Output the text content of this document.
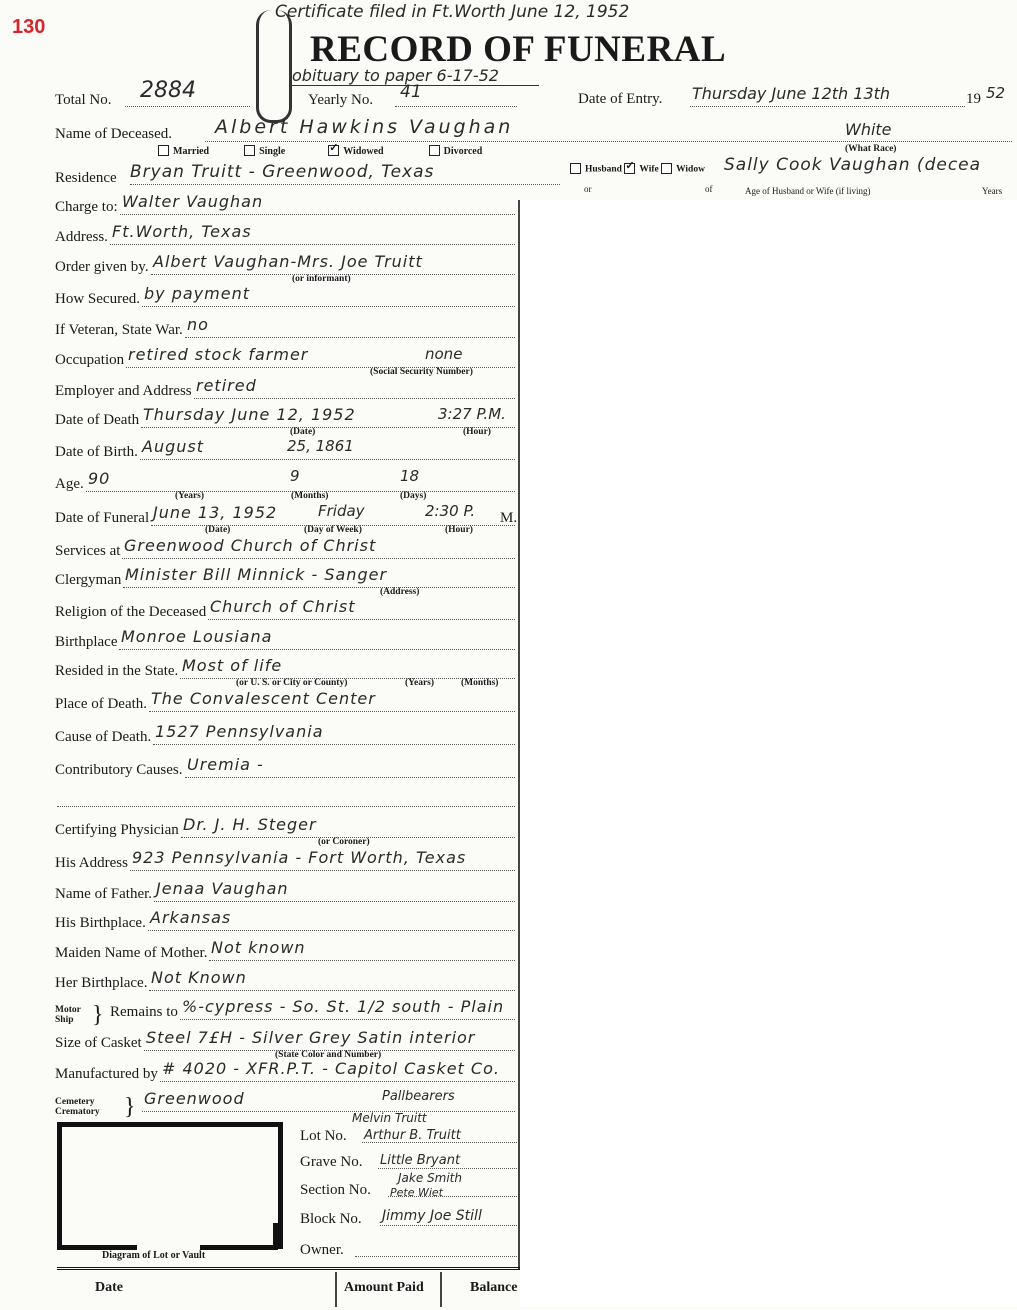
130
Certificate filed in Ft.Worth June 12, 1952
RECORD OF FUNERAL
obituary to paper 6-17-52
Total No. 2884	Yearly No. 41	Date of Entry. Thursday June 12th 13th	19 52
Name of Deceased. Albert Hawkins Vaughan	White
(What Race)
Married	Single ✓	Widowed	Divorced
Residence Bryan Truitt - Greenwood, Texas	Husband ✓ Wife Widow Sally Cook Vaughan (decea
or	of	Age of Husband or Wife (if living)	Years
Charge to: Walter Vaughan
Address. Ft.Worth, Texas
Order given by. Albert Vaughan-Mrs. Joe Truitt
(or informant)
How Secured. by payment
If Veteran, State War. no
Occupation retired stock farmer	none
(Social Security Number)
Employer and Address retired
Date of Death Thursday June 12, 1952	3:27 P.M.
(Date)	(Hour)
Date of Birth. August	25, 1861
Age. 90	9	18
(Years)	(Months)	(Days)
Date of Funeral June 13, 1952	Friday	2:30 P. M.
(Date)	(Day of Week)	(Hour)
Services at Greenwood Church of Christ
Clergyman Minister Bill Minnick - Sanger
(Address)
Religion of the Deceased Church of Christ
Birthplace Monroe Lousiana
Resided in the State. Most of life
(or U. S. or City or County)	(Years)	(Months)
Place of Death. The Convalescent Center
Cause of Death. 1527 Pennsylvania
Contributory Causes. Uremia -
Certifying Physician Dr. J. H. Steger
(or Coroner)
His Address 923 Pennsylvania - Fort Worth, Texas
Name of Father. Jenaa Vaughan
His Birthplace. Arkansas
Maiden Name of Mother. Not known
Her Birthplace. Not Known
Motor
Ship } Remains to %-cypress - So. St. 1/2 south - Plain
Size of Casket Steel 7£H - Silver Grey Satin interior
(State Color and Number)
Manufactured by # 4020 - XFR.P.T. - Capitol Casket Co.
Cemetery
Crematory } Greenwood	Pallbearers
Diagram of Lot or Vault
Melvin Truitt
Lot No. Arthur B. Truitt
Grave No. Little Bryant
Jake Smith
Section No. Pete Wiet
Block No. Jimmy Joe Still
Owner.
Date	Amount Paid	Balance
